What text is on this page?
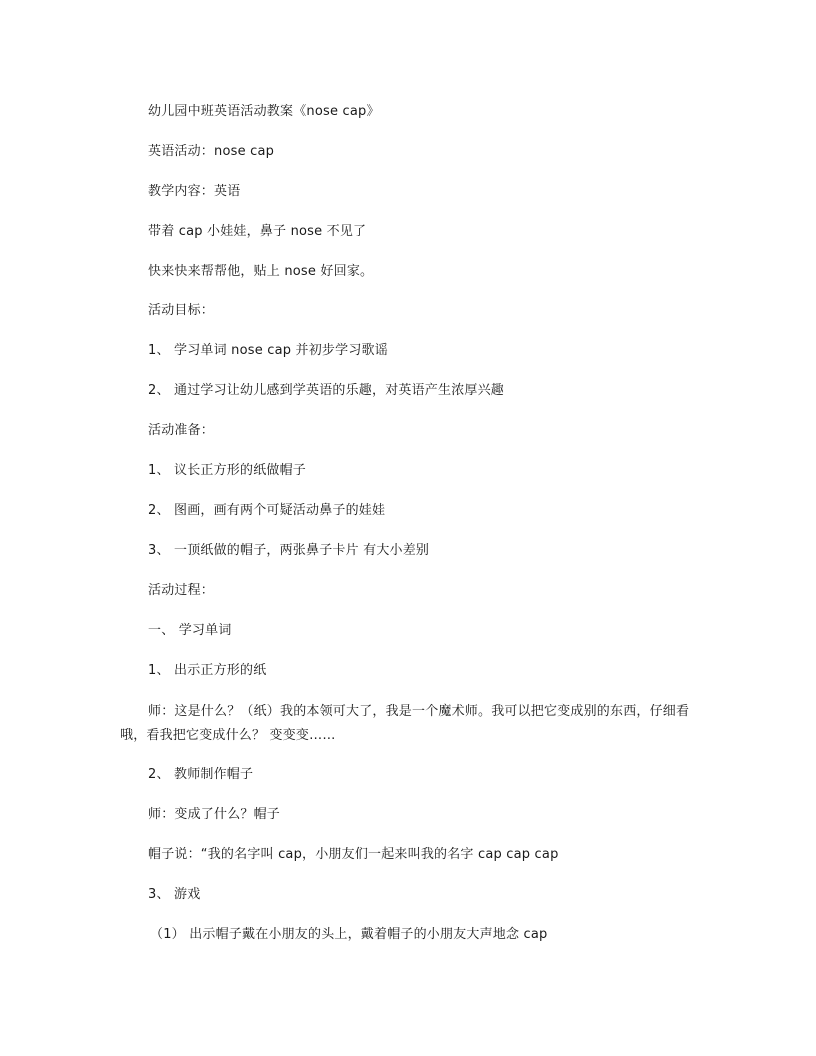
幼儿园中班英语活动教案《nose cap》
英语活动：nose cap
教学内容：英语
带着 cap 小娃娃，鼻子 nose 不见了
快来快来帮帮他，贴上 nose 好回家。
活动目标：
1、 学习单词 nose cap 并初步学习歌谣
2、 通过学习让幼儿感到学英语的乐趣，对英语产生浓厚兴趣
活动准备：
1、 议长正方形的纸做帽子
2、 图画，画有两个可疑活动鼻子的娃娃
3、 一顶纸做的帽子，两张鼻子卡片 有大小差别
活动过程：
一、 学习单词
1、 出示正方形的纸
师：这是什么？（纸）我的本领可大了，我是一个魔术师。我可以把它变成别的东西，仔细看哦，看我把它变成什么？ 变变变……
2、 教师制作帽子
师：变成了什么？帽子
帽子说：“我的名字叫 cap，小朋友们一起来叫我的名字 cap cap cap
3、 游戏
（1） 出示帽子戴在小朋友的头上，戴着帽子的小朋友大声地念 cap
